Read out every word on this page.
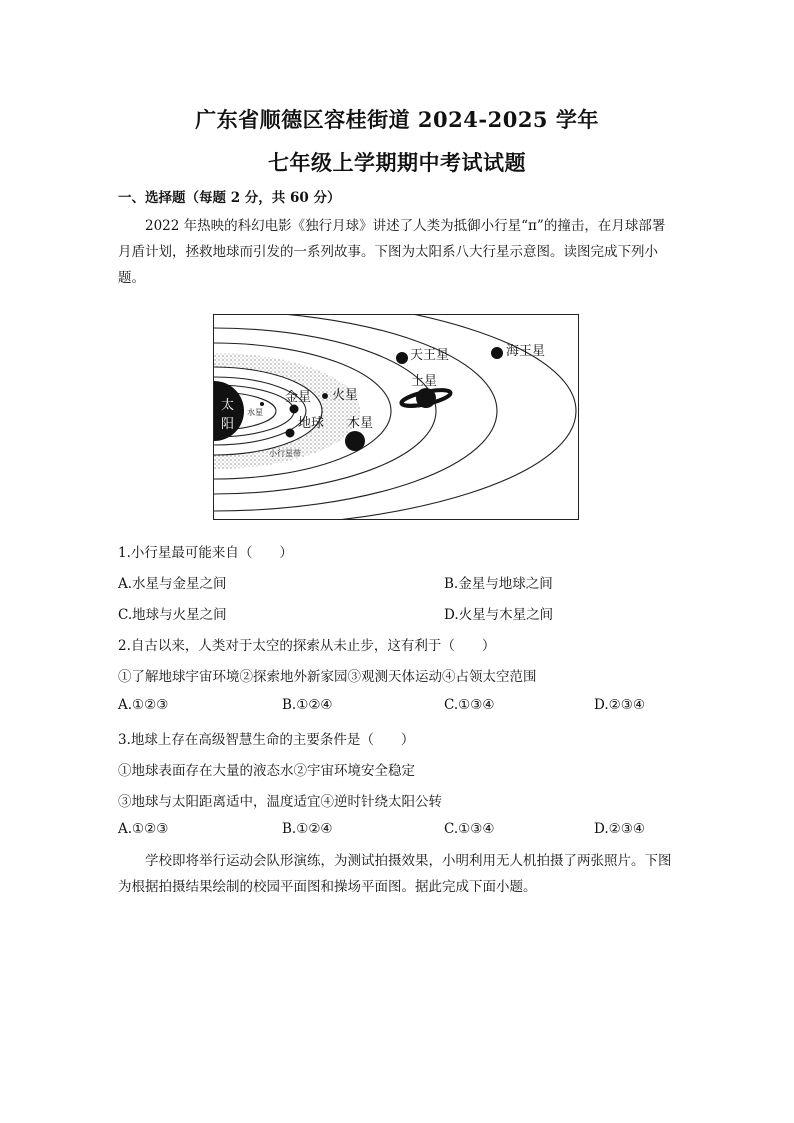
广东省顺德区容桂街道 2024-2025 学年
七年级上学期期中考试试题
一、选择题（每题 2 分，共 60 分）
2022 年热映的科幻电影《独行月球》讲述了人类为抵御小行星“π”的撞击，在月球部署月盾计划，拯救地球而引发的一系列故事。下图为太阳系八大行星示意图。读图完成下列小题。
太
阳
水星
金星
地球
火星
木星
小行星带
土星
天王星	海王星
1.小行星最可能来自（　　）
A.水星与金星之间	B.金星与地球之间
C.地球与火星之间	D.火星与木星之间
2.自古以来，人类对于太空的探索从未止步，这有利于（　　）
①了解地球宇宙环境②探索地外新家园③观测天体运动④占领太空范围
A.①②③	B.①②④	C.①③④	D.②③④
3.地球上存在高级智慧生命的主要条件是（　　）
①地球表面存在大量的液态水②宇宙环境安全稳定
③地球与太阳距离适中，温度适宜④逆时针绕太阳公转
A.①②③	B.①②④	C.①③④	D.②③④
学校即将举行运动会队形演练，为测试拍摄效果，小明利用无人机拍摄了两张照片。下图为根据拍摄结果绘制的校园平面图和操场平面图。据此完成下面小题。
